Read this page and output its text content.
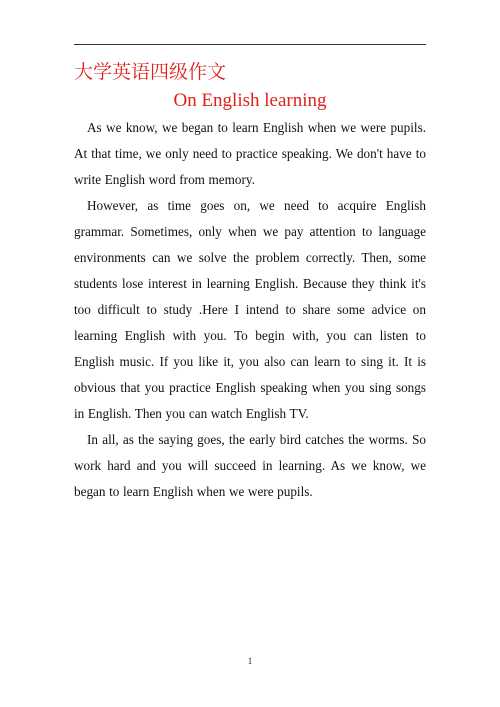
大学英语四级作文
On English learning

As we know, we began to learn English when we were pupils. At that time, we only need to practice speaking. We don't have to write English word from memory.

However, as time goes on, we need to acquire English grammar. Sometimes, only when we pay attention to language environments can we solve the problem correctly. Then, some students lose interest in learning English. Because they think it's too difficult to study .Here I intend to share some advice on learning English with you. To begin with, you can listen to English music. If you like it, you also can learn to sing it. It is obvious that you practice English speaking when you sing songs in English. Then you can watch English TV.

In all, as the saying goes, the early bird catches the worms. So work hard and you will succeed in learning. As we know, we began to learn English when we were pupils.

1
